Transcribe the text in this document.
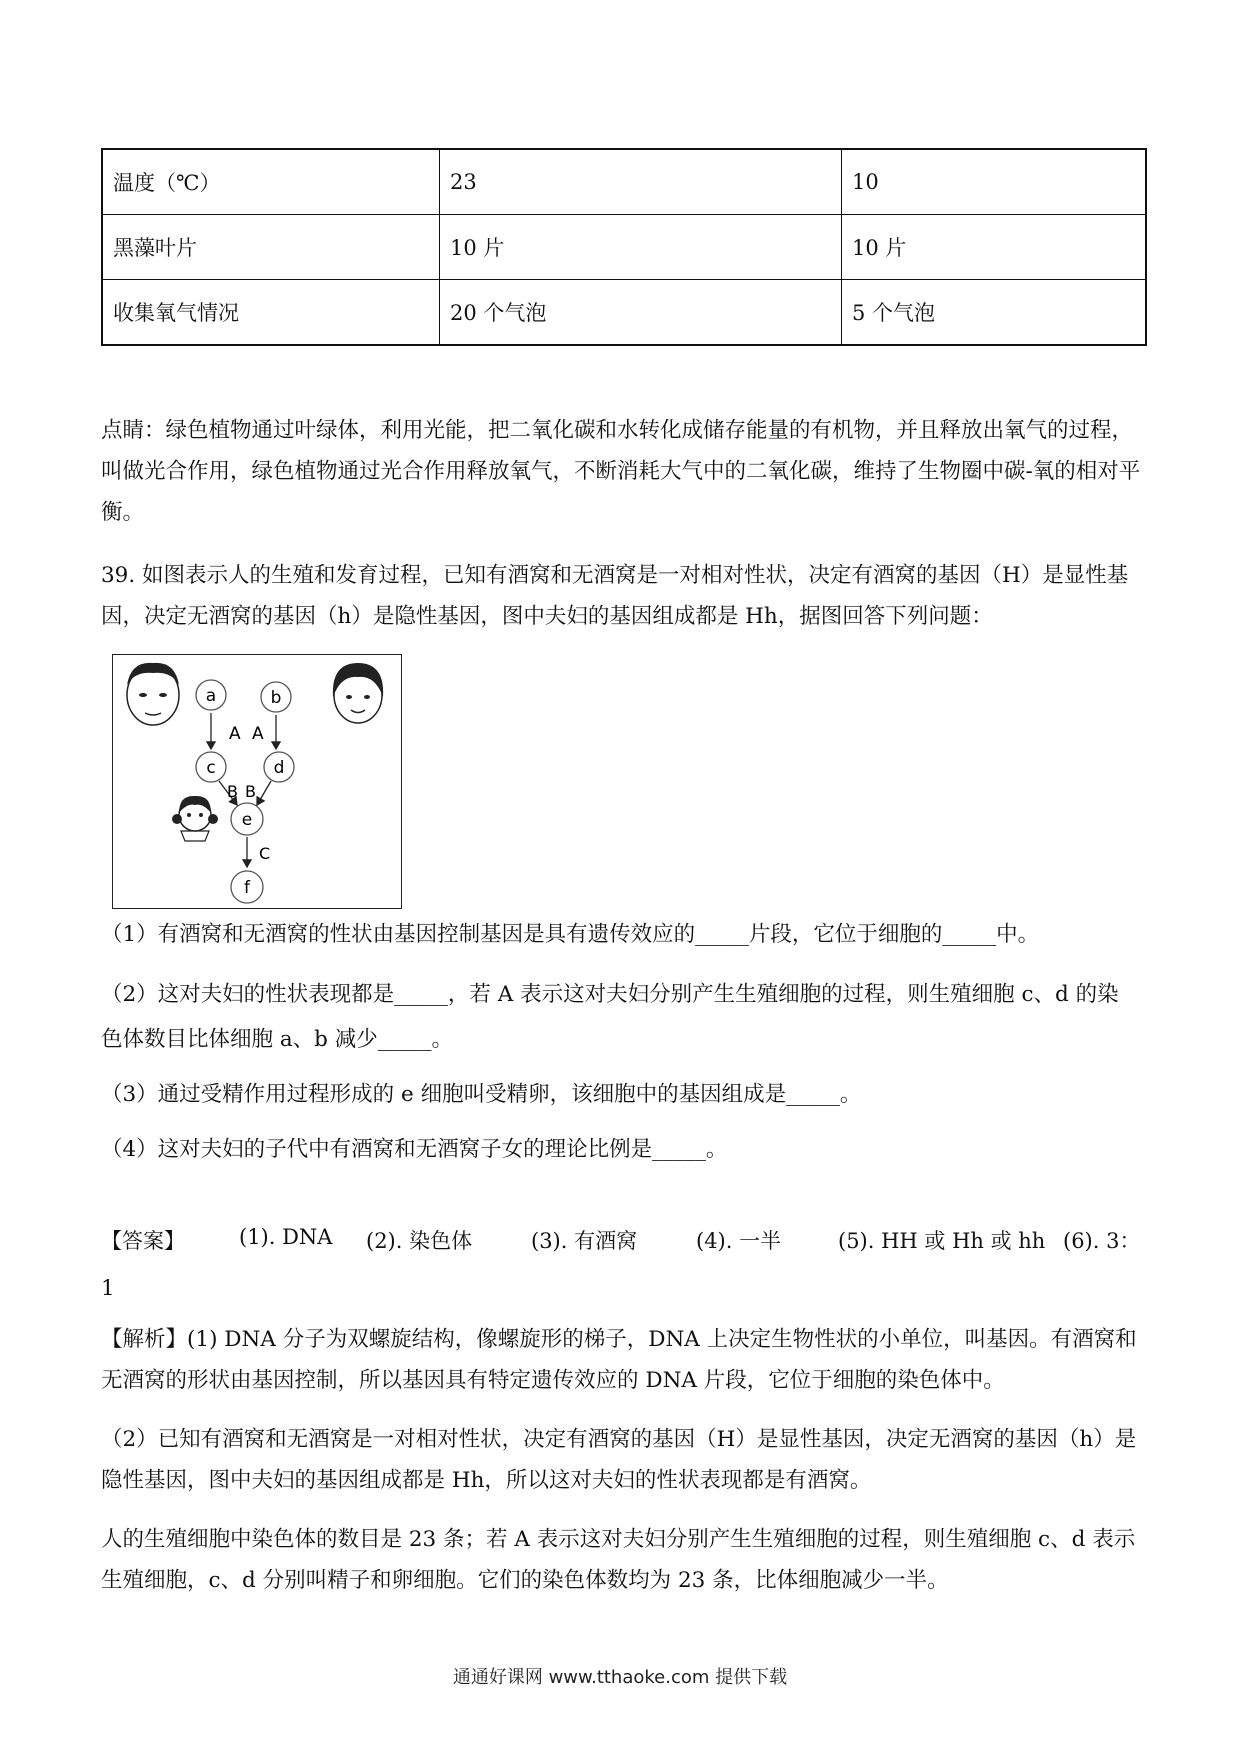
温度（℃）	23	10
黑藻叶片	10 片	10 片
收集氧气情况	20 个气泡	5 个气泡

点睛：绿色植物通过叶绿体，利用光能，把二氧化碳和水转化成储存能量的有机物，并且释放出氧气的过程，叫做光合作用，绿色植物通过光合作用释放氧气，不断消耗大气中的二氧化碳，维持了生物圈中碳-氧的相对平衡。

39. 如图表示人的生殖和发育过程，已知有酒窝和无酒窝是一对相对性状，决定有酒窝的基因（H）是显性基因，决定无酒窝的基因（h）是隐性基因，图中夫妇的基因组成都是 Hh，据图回答下列问题：

a	b
c	d
e
f
A A
B B
C

（1）有酒窝和无酒窝的性状由基因控制基因是具有遗传效应的_____片段，它位于细胞的_____中。

（2）这对夫妇的性状表现都是_____，若 A 表示这对夫妇分别产生生殖细胞的过程，则生殖细胞 c、d 的染

色体数目比体细胞 a、b 减少_____。

（3）通过受精作用过程形成的 e 细胞叫受精卵，该细胞中的基因组成是_____。

（4）这对夫妇的子代中有酒窝和无酒窝子女的理论比例是_____。

【答案】	(1). DNA (2). 染色体	(3). 有酒窝	(4). 一半	(5). HH 或 Hh 或 hh (6). 3：

1

【解析】(1) DNA 分子为双螺旋结构，像螺旋形的梯子，DNA 上决定生物性状的小单位，叫基因。有酒窝和无酒窝的形状由基因控制，所以基因具有特定遗传效应的 DNA 片段，它位于细胞的染色体中。

（2）已知有酒窝和无酒窝是一对相对性状，决定有酒窝的基因（H）是显性基因，决定无酒窝的基因（h）是隐性基因，图中夫妇的基因组成都是 Hh，所以这对夫妇的性状表现都是有酒窝。

人的生殖细胞中染色体的数目是 23 条；若 A 表示这对夫妇分别产生生殖细胞的过程，则生殖细胞 c、d 表示生殖细胞，c、d 分别叫精子和卵细胞。它们的染色体数均为 23 条，比体细胞减少一半。

通通好课网 www.tthaoke.com 提供下载
